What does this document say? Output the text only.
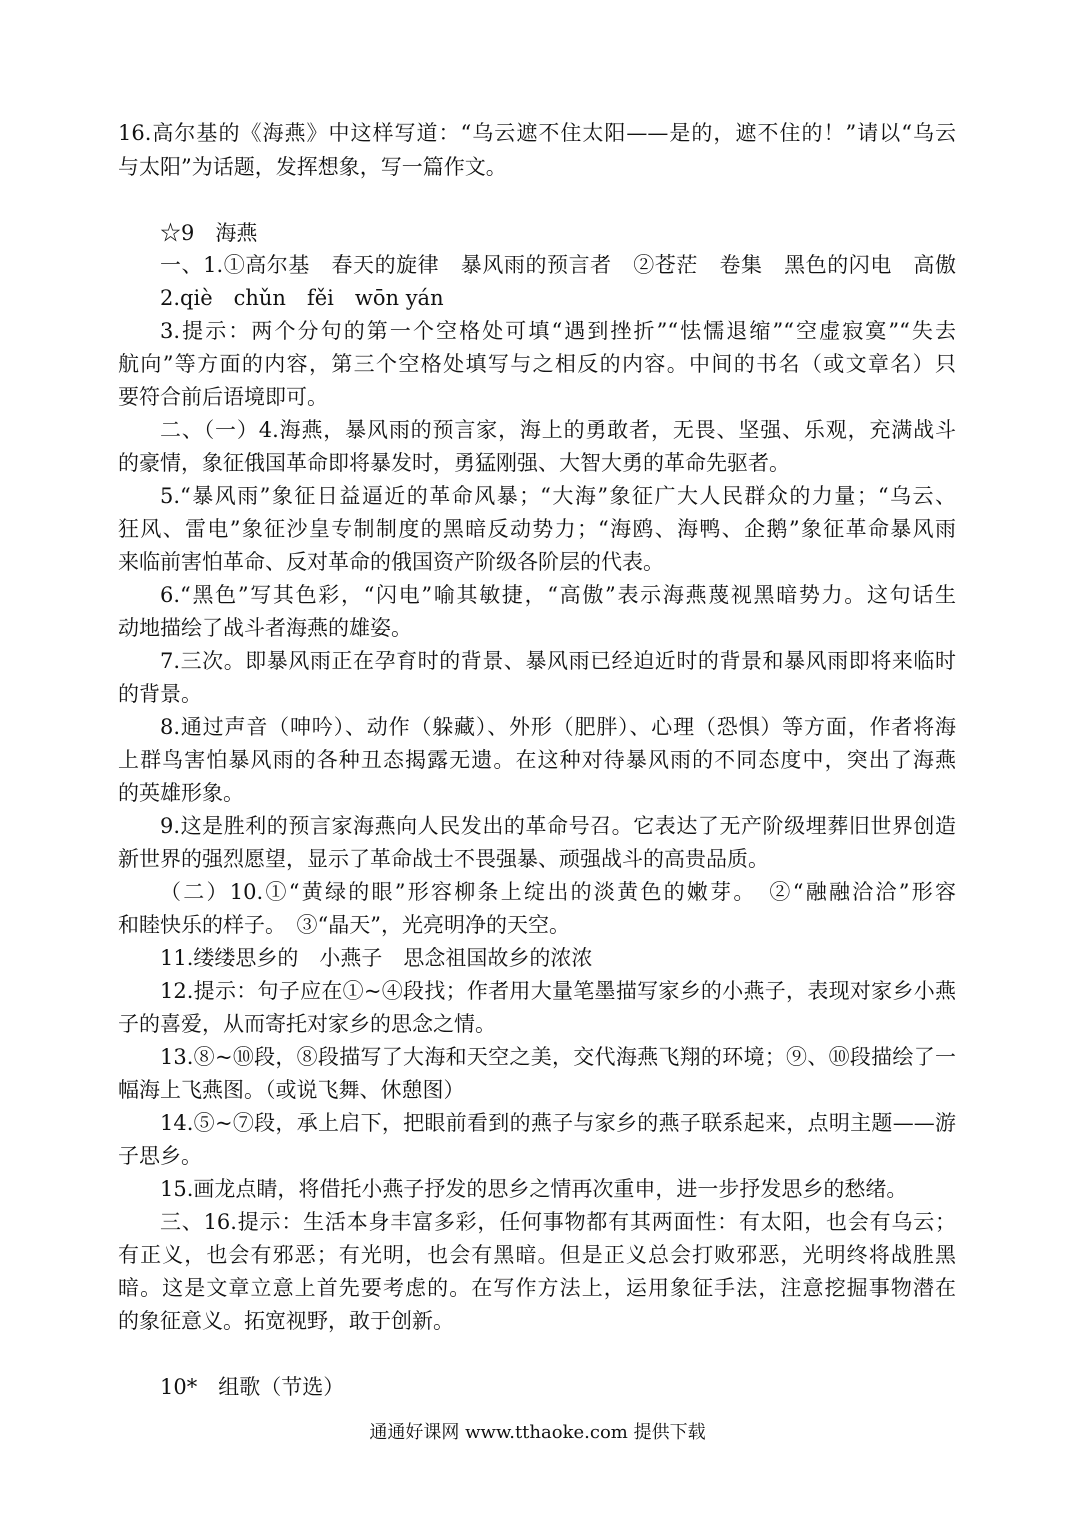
16.高尔基的《海燕》中这样写道：“乌云遮不住太阳——是的，遮不住的！”请以“乌云
与太阳”为话题，发挥想象，写一篇作文。
☆9　海燕
一、1.①高尔基　春天的旋律　暴风雨的预言者　②苍茫　卷集　黑色的闪电　高傲
2.qiè　chǔn　fěi　wōn yán
3.提示：两个分句的第一个空格处可填“遇到挫折”“怯懦退缩”“空虚寂寞”“失去
航向”等方面的内容，第三个空格处填写与之相反的内容。中间的书名（或文章名）只
要符合前后语境即可。
二、（一）4.海燕，暴风雨的预言家，海上的勇敢者，无畏、坚强、乐观，充满战斗
的豪情，象征俄国革命即将暴发时，勇猛刚强、大智大勇的革命先驱者。
5.“暴风雨”象征日益逼近的革命风暴；“大海”象征广大人民群众的力量；“乌云、
狂风、雷电”象征沙皇专制制度的黑暗反动势力；“海鸥、海鸭、企鹅”象征革命暴风雨
来临前害怕革命、反对革命的俄国资产阶级各阶层的代表。
6.“黑色”写其色彩，“闪电”喻其敏捷，“高傲”表示海燕蔑视黑暗势力。这句话生
动地描绘了战斗者海燕的雄姿。
7.三次。即暴风雨正在孕育时的背景、暴风雨已经迫近时的背景和暴风雨即将来临时
的背景。
8.通过声音（呻吟）、动作（躲藏）、外形（肥胖）、心理（恐惧）等方面，作者将海
上群鸟害怕暴风雨的各种丑态揭露无遗。在这种对待暴风雨的不同态度中，突出了海燕
的英雄形象。
9.这是胜利的预言家海燕向人民发出的革命号召。它表达了无产阶级埋葬旧世界创造
新世界的强烈愿望，显示了革命战士不畏强暴、顽强战斗的高贵品质。
（二）10.①“黄绿的眼”形容柳条上绽出的淡黄色的嫩芽。　②“融融洽洽”形容
和睦快乐的样子。　③“晶天”，光亮明净的天空。
11.缕缕思乡的　小燕子　思念祖国故乡的浓浓
12.提示：句子应在①~④段找；作者用大量笔墨描写家乡的小燕子，表现对家乡小燕
子的喜爱，从而寄托对家乡的思念之情。
13.⑧~⑩段，⑧段描写了大海和天空之美，交代海燕飞翔的环境；⑨、⑩段描绘了一
幅海上飞燕图。（或说飞舞、休憩图）
14.⑤~⑦段，承上启下，把眼前看到的燕子与家乡的燕子联系起来，点明主题——游
子思乡。
15.画龙点睛，将借托小燕子抒发的思乡之情再次重申，进一步抒发思乡的愁绪。
三、16.提示：生活本身丰富多彩，任何事物都有其两面性：有太阳，也会有乌云；
有正义，也会有邪恶；有光明，也会有黑暗。但是正义总会打败邪恶，光明终将战胜黑
暗。这是文章立意上首先要考虑的。在写作方法上，运用象征手法，注意挖掘事物潜在
的象征意义。拓宽视野，敢于创新。
10*　组歌（节选）
通通好课网 www.tthaoke.com 提供下载
